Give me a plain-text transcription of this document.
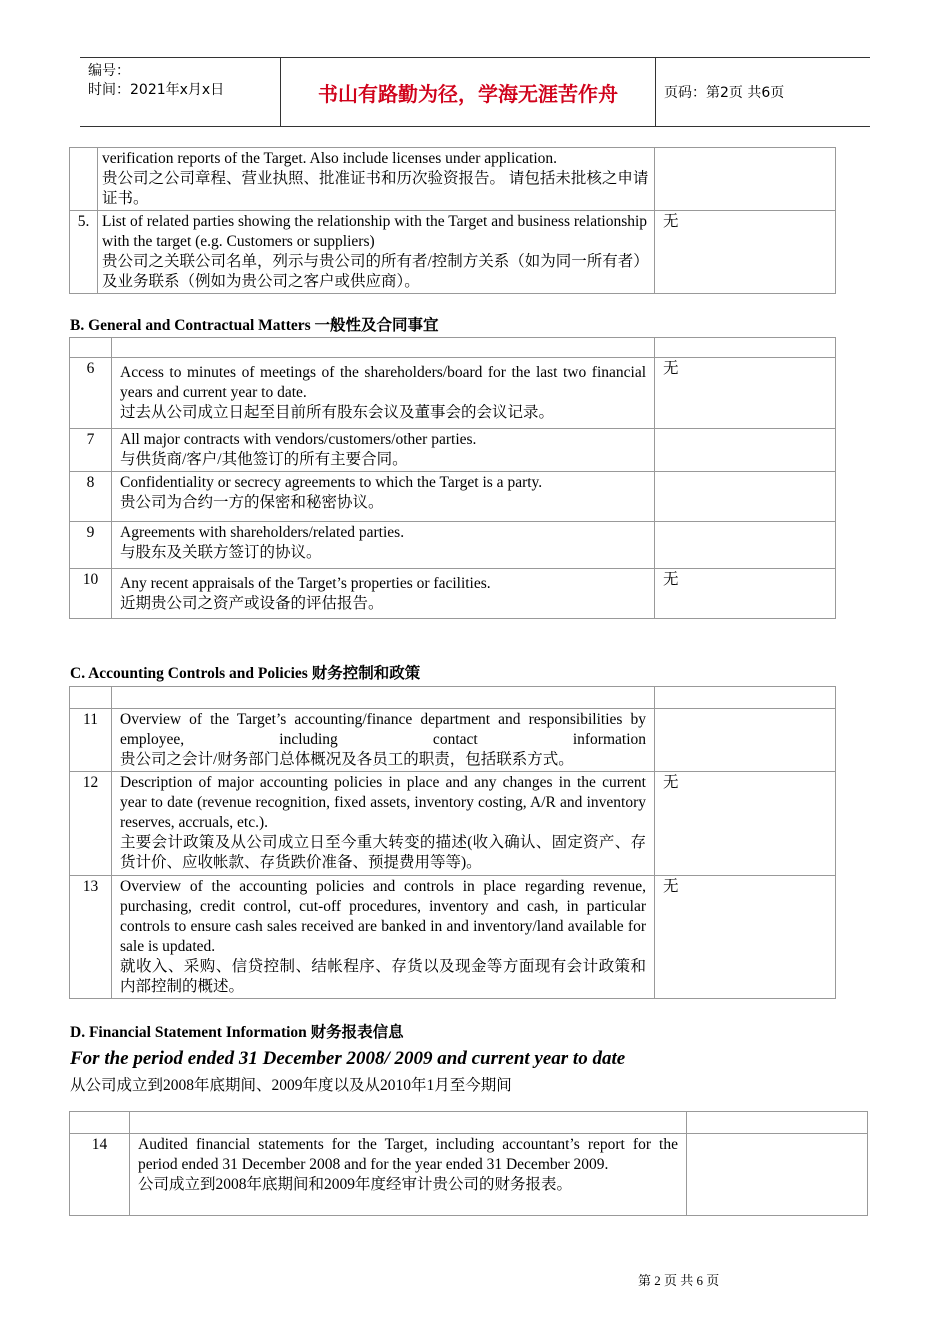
编号：
时间：2021年x月x日	书山有路勤为径，学海无涯苦作舟	页码：第2页 共6页

	verification reports of the Target. Also include licenses under application.
贵公司之公司章程、营业执照、批准证书和历次验资报告。 请包括未批核之申请证书。	

5.	List of related parties showing the relationship with the Target and business relationship with the target (e.g. Customers or suppliers)
贵公司之关联公司名单，列示与贵公司的所有者/控制方关系（如为同一所有者）及业务联系（例如为贵公司之客户或供应商）。	无
B. General and Contractual Matters 一般性及合同事宜

6	Access to minutes of meetings of the shareholders/board for the last two financial years and current year to date.
过去从公司成立日起至目前所有股东会议及董事会的会议记录。	无
7	All major contracts with vendors/customers/other parties.
与供货商/客户/其他签订的所有主要合同。	

8	Confidentiality or secrecy agreements to which the Target is a party.
贵公司为合约一方的保密和秘密协议。	

9	Agreements with shareholders/related parties.
与股东及关联方签订的协议。	

10	Any recent appraisals of the Target’s properties or facilities.
近期贵公司之资产或设备的评估报告。	无
C. Accounting Controls and Policies 财务控制和政策

11	Overview of the Target’s accounting/finance department and responsibilities by employee, including contact information
贵公司之会计/财务部门总体概况及各员工的职责，包括联系方式。	

12	Description of major accounting policies in place and any changes in the current year to date (revenue recognition, fixed assets, inventory costing, A/R and inventory reserves, accruals, etc.).
主要会计政策及从公司成立日至今重大转变的描述(收入确认、固定资产、存货计价、应收帐款、存货跌价准备、预提费用等等)。	无
13	Overview of the accounting policies and controls in place regarding revenue, purchasing, credit control, cut-off procedures, inventory and cash, in particular controls to ensure cash sales received are banked in and inventory/land available for sale is updated.
就收入、采购、信贷控制、结帐程序、存货以及现金等方面现有会计政策和内部控制的概述。	无
D. Financial Statement Information 财务报表信息
For the period ended 31 December 2008/ 2009 and current year to date
从公司成立到2008年底期间、2009年度以及从2010年1月至今期间

14	Audited financial statements for the Target, including accountant’s report for the period ended 31 December 2008 and for the year ended 31 December 2009.
公司成立到2008年底期间和2009年度经审计贵公司的财务报表。	

第 2 页 共 6 页
